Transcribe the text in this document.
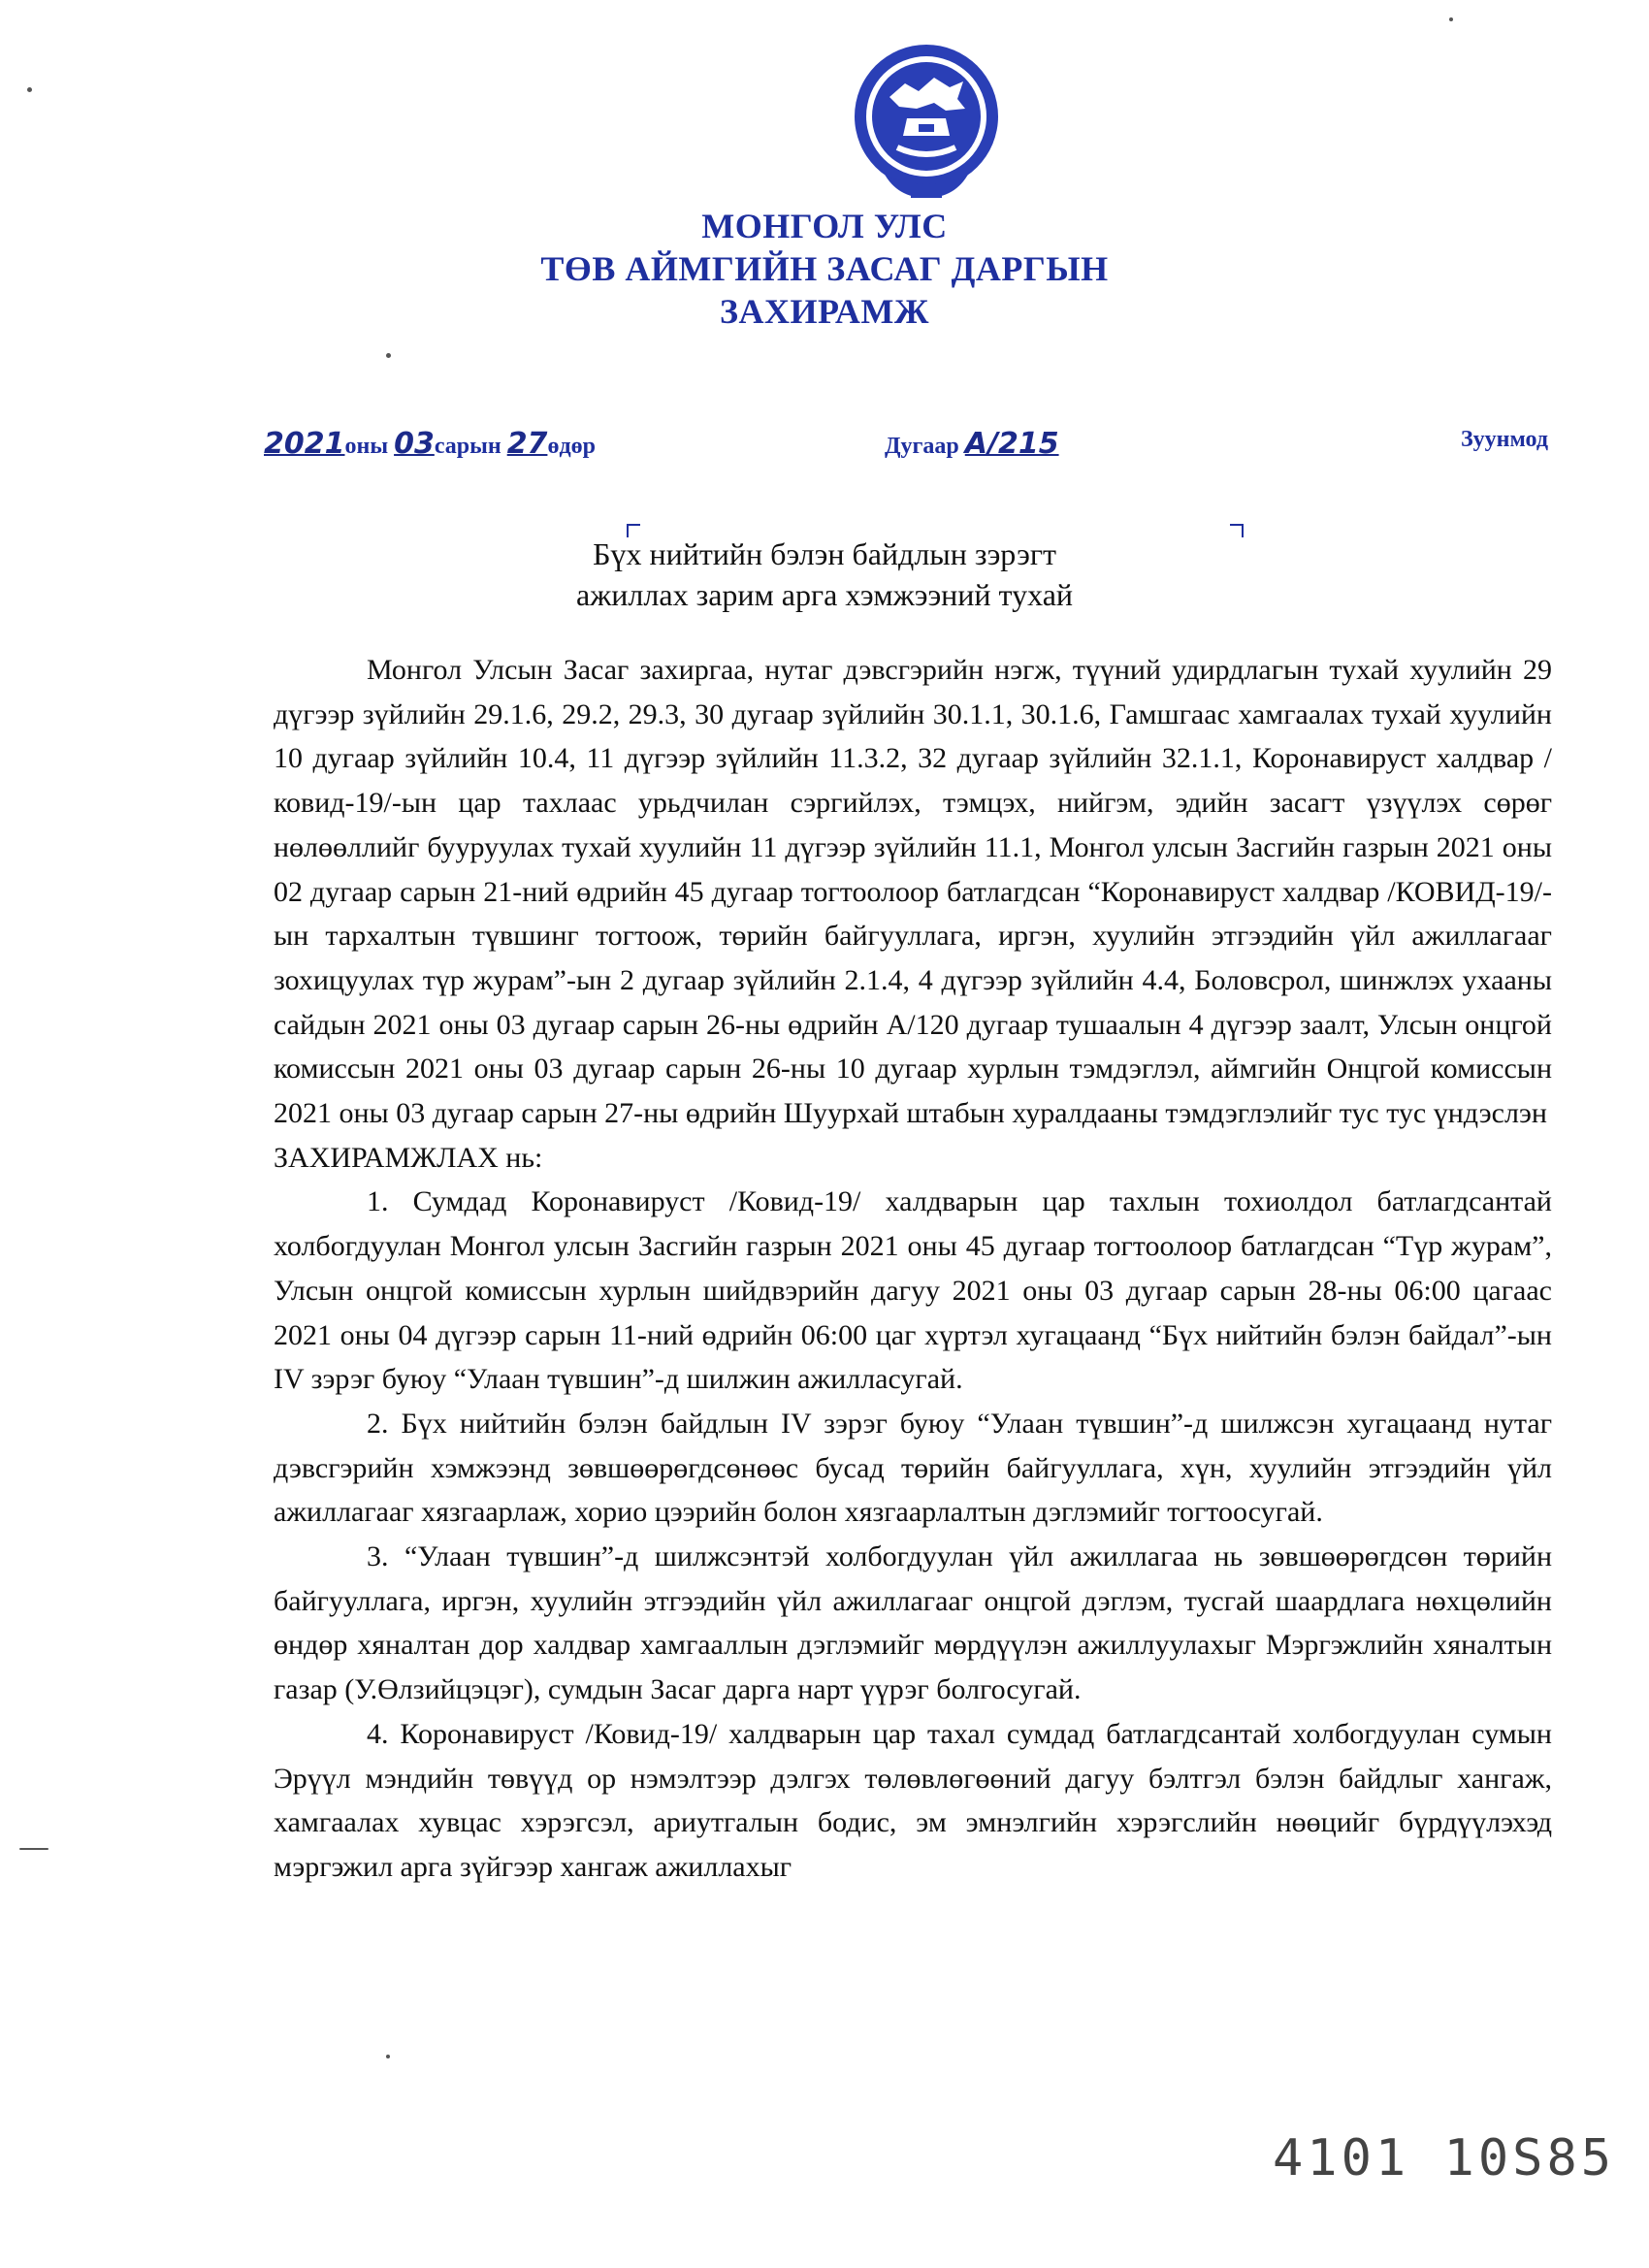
МОНГОЛ УЛС
ТӨВ АЙМГИЙН ЗАСАГ ДАРГЫН
ЗАХИРАМЖ
2021оны 03сарын 27өдөр	Дугаар А/215	Зуунмод
Бүх нийтийн бэлэн байдлын зэрэгт
ажиллах зарим арга хэмжээний тухай

Монгол Улсын Засаг захиргаа, нутаг дэвсгэрийн нэгж, түүний удирдлагын тухай хуулийн 29 дүгээр зүйлийн 29.1.6, 29.2, 29.3, 30 дугаар зүйлийн 30.1.1, 30.1.6, Гамшгаас хамгаалах тухай хуулийн 10 дугаар зүйлийн 10.4, 11 дүгээр зүйлийн 11.3.2, 32 дугаар зүйлийн 32.1.1, Коронавируст халдвар /ковид-19/-ын цар тахлаас урьдчилан сэргийлэх, тэмцэх, нийгэм, эдийн засагт үзүүлэх сөрөг нөлөөллийг бууруулах тухай хуулийн 11 дүгээр зүйлийн 11.1, Монгол улсын Засгийн газрын 2021 оны 02 дугаар сарын 21-ний өдрийн 45 дугаар тогтоолоор батлагдсан “Коронавируст халдвар /КОВИД-19/-ын тархалтын түвшинг тогтоож, төрийн байгууллага, иргэн, хуулийн этгээдийн үйл ажиллагааг зохицуулах түр журам”-ын 2 дугаар зүйлийн 2.1.4, 4 дүгээр зүйлийн 4.4, Боловсрол, шинжлэх ухааны сайдын 2021 оны 03 дугаар сарын 26-ны өдрийн А/120 дугаар тушаалын 4 дүгээр заалт, Улсын онцгой комиссын 2021 оны 03 дугаар сарын 26-ны 10 дугаар хурлын тэмдэглэл, аймгийн Онцгой комиссын 2021 оны 03 дугаар сарын 27-ны өдрийн Шуурхай штабын хуралдааны тэмдэглэлийг тус тус үндэслэн

ЗАХИРАМЖЛАХ нь:

1. Сумдад Коронавируст /Ковид-19/ халдварын цар тахлын тохиолдол батлагдсантай холбогдуулан Монгол улсын Засгийн газрын 2021 оны 45 дугаар тогтоолоор батлагдсан “Түр журам”, Улсын онцгой комиссын хурлын шийдвэрийн дагуу 2021 оны 03 дугаар сарын 28-ны 06:00 цагаас 2021 оны 04 дүгээр сарын 11-ний өдрийн 06:00 цаг хүртэл хугацаанд “Бүх нийтийн бэлэн байдал”-ын IV зэрэг буюу “Улаан түвшин”-д шилжин ажилласугай.

2. Бүх нийтийн бэлэн байдлын IV зэрэг буюу “Улаан түвшин”-д шилжсэн хугацаанд нутаг дэвсгэрийн хэмжээнд зөвшөөрөгдсөнөөс бусад төрийн байгууллага, хүн, хуулийн этгээдийн үйл ажиллагааг хязгаарлаж, хорио цээрийн болон хязгаарлалтын дэглэмийг тогтоосугай.

3. “Улаан түвшин”-д шилжсэнтэй холбогдуулан үйл ажиллагаа нь зөвшөөрөгдсөн төрийн байгууллага, иргэн, хуулийн этгээдийн үйл ажиллагааг онцгой дэглэм, тусгай шаардлага нөхцөлийн өндөр хяналтан дор халдвар хамгааллын дэглэмийг мөрдүүлэн ажиллуулахыг Мэргэжлийн хяналтын газар (У.Өлзийцэцэг), сумдын Засаг дарга нарт үүрэг болгосугай.

4. Коронавируст /Ковид-19/ халдварын цар тахал сумдад батлагдсантай холбогдуулан сумын Эрүүл мэндийн төвүүд ор нэмэлтээр дэлгэх төлөвлөгөөний дагуу бэлтгэл бэлэн байдлыг хангаж, хамгаалах хувцас хэрэгсэл, ариутгалын бодис, эм эмнэлгийн хэрэгслийн нөөцийг бүрдүүлэхэд мэргэжил арга зүйгээр хангаж ажиллахыг

4101 10S85
